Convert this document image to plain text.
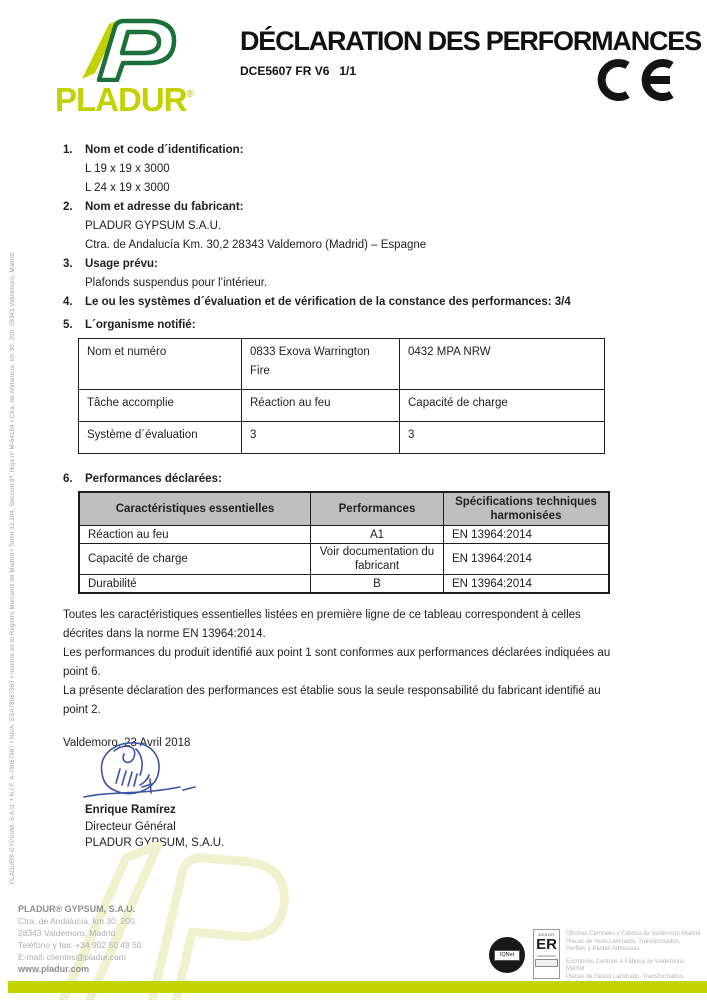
PLADUR® GYPSUM, S.A.U. • N.I.F. A-78067987 • NIVA. ESA78067987 • Inscrita en el Registro Mercantil de Madrid • Tomo 32.204, Sección 8ª, Hoja nº M-64104 • Ctra. de Andalucía, km 30, 200. 28343 Valdemoro, Madrid
PLADUR®
DÉCLARATION DES PERFORMANCES
DCE5607 FR V6   1/1
1.	Nom et code d´identification:
L 19 x 19 x 3000
L 24 x 19 x 3000
2.	Nom et adresse du fabricant:
PLADUR GYPSUM S.A.U.
Ctra. de Andalucía Km. 30,2 28343 Valdemoro (Madrid) – Espagne
3.	Usage prévu:
Plafonds suspendus pour l’intérieur.
4.	Le ou les systèmes d´évaluation et de vérification de la constance des performances: 3/4
5.	L´organisme notifié:
Nom et numéro	0833 Exova Warrington Fire	0432 MPA NRW
Tâche accomplie	Réaction au feu	Capacité de charge
Système d´évaluation	3	3
6.	Performances déclarées:
Caractéristiques essentielles	Performances	Spécifications techniques harmonisées
Réaction au feu	A1	EN 13964:2014
Capacité de charge	Voir documentation du fabricant	EN 13964:2014
Durabilité	B	EN 13964:2014
Toutes les caractéristiques essentielles listées en première ligne de ce tableau correspondent à celles
décrites dans la norme EN 13964:2014.
Les performances du produit identifié aux point 1 sont conformes aux performances déclarées indiquées au
point 6.
La présente déclaration des performances est établie sous la seule responsabilité du fabricant identifié au
point 2.
Valdemoro, 23 Avril 2018
Enrique Ramírez
Directeur Général
PLADUR GYPSUM, S.A.U.
PLADUR® GYPSUM, S.A.U.
Ctra. de Andalucía, km 30, 200.
28343 Valdemoro, Madrid
Teléfono y fax: +34 902 50 49 50
E-mail: clientes@pladur.com
www.pladur.com
IQNet
AENOR
ER
Oficinas Centrales y Fábrica de Valdemoro-Madrid
Placas de Yeso Laminado, Transformados,
Perfiles y Pastas Adhesivas
Escritórios Centrais e Fábrica de Valdemoro-Madrid
Placas de Gesso Laminado, Transformados,
